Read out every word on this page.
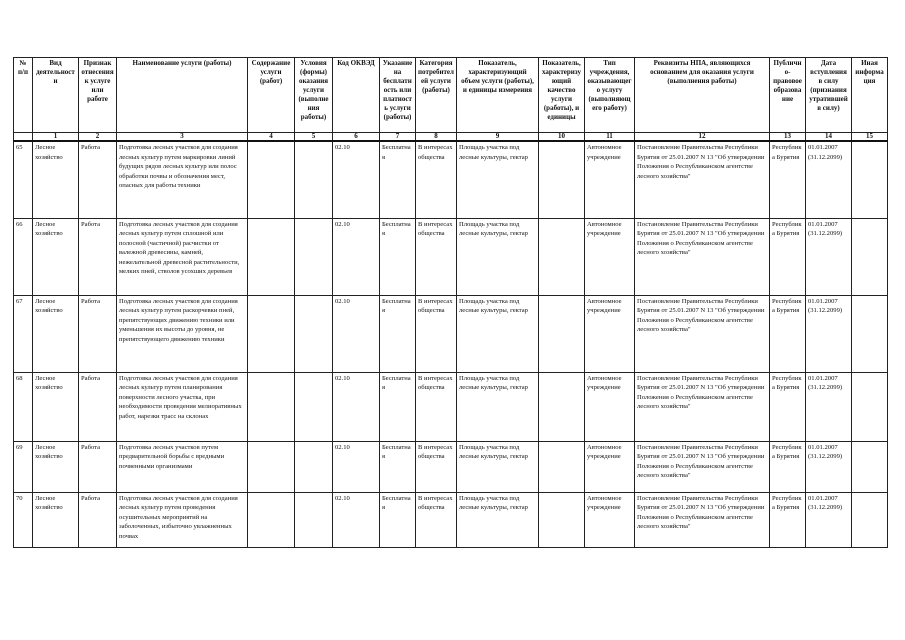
№ п/п	Вид деятельности	Признак отнесения к услуге или работе	Наименование услуги (работы)	Содержание услуги (работ)	Условия (формы) оказания услуги (выполнения работы)	Код ОКВЭД	Указание на бесплатность или платность услуги (работы)	Категория потребителей услуги (работы)	Показатель, характеризующий объем услуги (работы), и единицы измерения	Показатель, характеризующий качество услуги (работы), и единицы	Тип учреждения, оказывающего услугу (выполняющего работу)	Реквизиты НПА, являющихся основанием для оказания услуги (выполнения работы)	Публично-правовое образование	Дата вступления в силу (признания утратившей в силу)	Иная информация
	1	2	3	4	5	6	7	8	9	10	11	12	13	14	15
65	Лесное хозяйство	Работа	Подготовка лесных участков для создания лесных культур путем маркировки линий будущих рядов лесных культур или полос обработки почвы и обозначения мест, опасных для работы техники			02.10	Бесплатна я	В интересах общества	Площадь участка под лесные культуры, гектар		Автономное учреждение	Постановление Правительства Республики Бурятия от 25.01.2007 N 13 "Об утверждении Положения о Республиканском агентстве лесного хозяйства"	Республик а Бурятия	01.01.2007 (31.12.2099)	
66	Лесное хозяйство	Работа	Подготовка лесных участков для создания лесных культур путем сплошной или полосной (частичной) расчистки от валежной древесины, камней, нежелательной древесной растительности, мелких пней, стволов усохших деревьев			02.10	Бесплатна я	В интересах общества	Площадь участка под лесные культуры, гектар		Автономное учреждение	Постановление Правительства Республики Бурятия от 25.01.2007 N 13 "Об утверждении Положения о Республиканском агентстве лесного хозяйства"	Республик а Бурятия	01.01.2007 (31.12.2099)	
67	Лесное хозяйство	Работа	Подготовка лесных участков для создания лесных культур путем раскорчевки пней, препятствующих движению техники или уменьшения их высоты до уровня, не препятствующего движению техники			02.10	Бесплатна я	В интересах общества	Площадь участка под лесные культуры, гектар		Автономное учреждение	Постановление Правительства Республики Бурятия от 25.01.2007 N 13 "Об утверждении Положения о Республиканском агентстве лесного хозяйства"	Республик а Бурятия	01.01.2007 (31.12.2099)	
68	Лесное хозяйство	Работа	Подготовка лесных участков для создания лесных культур путем планирования поверхности лесного участка, при необходимости проведения мелиоративных работ, нарезки трасс на склонах			02.10	Бесплатна я	В интересах общества	Площадь участка под лесные культуры, гектар		Автономное учреждение	Постановление Правительства Республики Бурятия от 25.01.2007 N 13 "Об утверждении Положения о Республиканском агентстве лесного хозяйства"	Республик а Бурятия	01.01.2007 (31.12.2099)	
69	Лесное хозяйство	Работа	Подготовка лесных участков путем предварительной борьбы с вредными почвенными организмами			02.10	Бесплатна я	В интересах общества	Площадь участка под лесные культуры, гектар		Автономное учреждение	Постановление Правительства Республики Бурятия от 25.01.2007 N 13 "Об утверждении Положения о Республиканском агентстве лесного хозяйства"	Республик а Бурятия	01.01.2007 (31.12.2099)	
70	Лесное хозяйство	Работа	Подготовка лесных участков для создания лесных культур путем проведения осушительных мероприятий на заболоченных, избыточно увлажненных почвах			02.10	Бесплатна я	В интересах общества	Площадь участка под лесные культуры, гектар		Автономное учреждение	Постановление Правительства Республики Бурятия от 25.01.2007 N 13 "Об утверждении Положения о Республиканском агентстве лесного хозяйства"	Республик а Бурятия	01.01.2007 (31.12.2099)	
